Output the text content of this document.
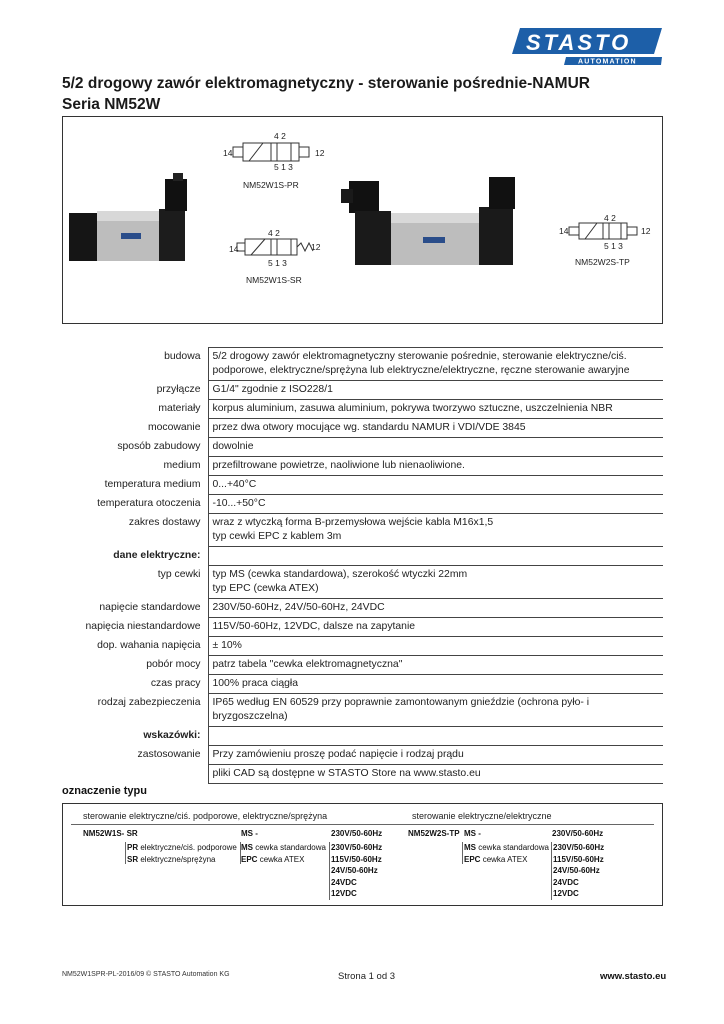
STASTO
AUTOMATION
5/2 drogowy zawór elektromagnetyczny - sterowanie pośrednie-NAMUR
Seria NM52W
4 2
5 1 3
14	12
NM52W1S-PR
4 2
5 1 3
14	12
NM52W1S-SR
4 2
5 1 3
14	12
NM52W2S-TP
budowa	5/2 drogowy zawór elektromagnetyczny sterowanie pośrednie, sterowanie elektryczne/ciś.
podporowe, elektryczne/sprężyna lub elektryczne/elektryczne, ręczne sterowanie awaryjne

przyłącze	G1/4" zgodnie z ISO228/1

materiały	korpus aluminium, zasuwa aluminium, pokrywa tworzywo sztuczne, uszczelnienia NBR

mocowanie	przez dwa otwory mocujące wg. standardu NAMUR i VDI/VDE 3845

sposób zabudowy	dowolnie

medium	przefiltrowane powietrze, naoliwione lub nienaoliwione.

temperatura medium	0...+40°C

temperatura otoczenia	-10...+50°C

zakres dostawy	wraz z wtyczką forma B-przemysłowa wejście kabla M16x1,5
typ cewki EPC z kablem 3m

dane elektryczne:	
typ cewki	typ MS (cewka standardowa), szerokość wtyczki 22mm
typ EPC (cewka ATEX)

napięcie standardowe	230V/50-60Hz, 24V/50-60Hz, 24VDC

napięcia niestandardowe	115V/50-60Hz, 12VDC, dalsze na zapytanie

dop. wahania napięcia	± 10%

pobór mocy	patrz tabela "cewka elektromagnetyczna"

czas pracy	100% praca ciągła

rodzaj zabezpieczenia	IP65 według EN 60529 przy poprawnie zamontowanym gnieździe (ochrona pyło- i bryzgoszczelna)

wskazówki:	
zastosowanie	Przy zamówieniu proszę podać napięcie i rodzaj prądu

	pliki CAD są dostępne w STASTO Store na www.stasto.eu
oznaczenie typu
sterowanie elektryczne/ciś. podporowe, elektryczne/sprężyna	sterowanie elektryczne/elektryczne
NM52W1S- SR	MS -	230V/50-60Hz	NM52W2S-TP MS -	230V/50-60Hz
PR elektryczne/ciś. podporowe
SR elektryczne/sprężyna
MS cewka standardowa
EPC cewka ATEX
230V/50-60Hz
115V/50-60Hz
24V/50-60Hz
24VDC
12VDC
MS cewka standardowa
EPC cewka ATEX
230V/50-60Hz
115V/50-60Hz
24V/50-60Hz
24VDC
12VDC
NM52W1SPR-PL-2016/09 © STASTO Automation KG	Strona 1 od 3	www.stasto.eu
